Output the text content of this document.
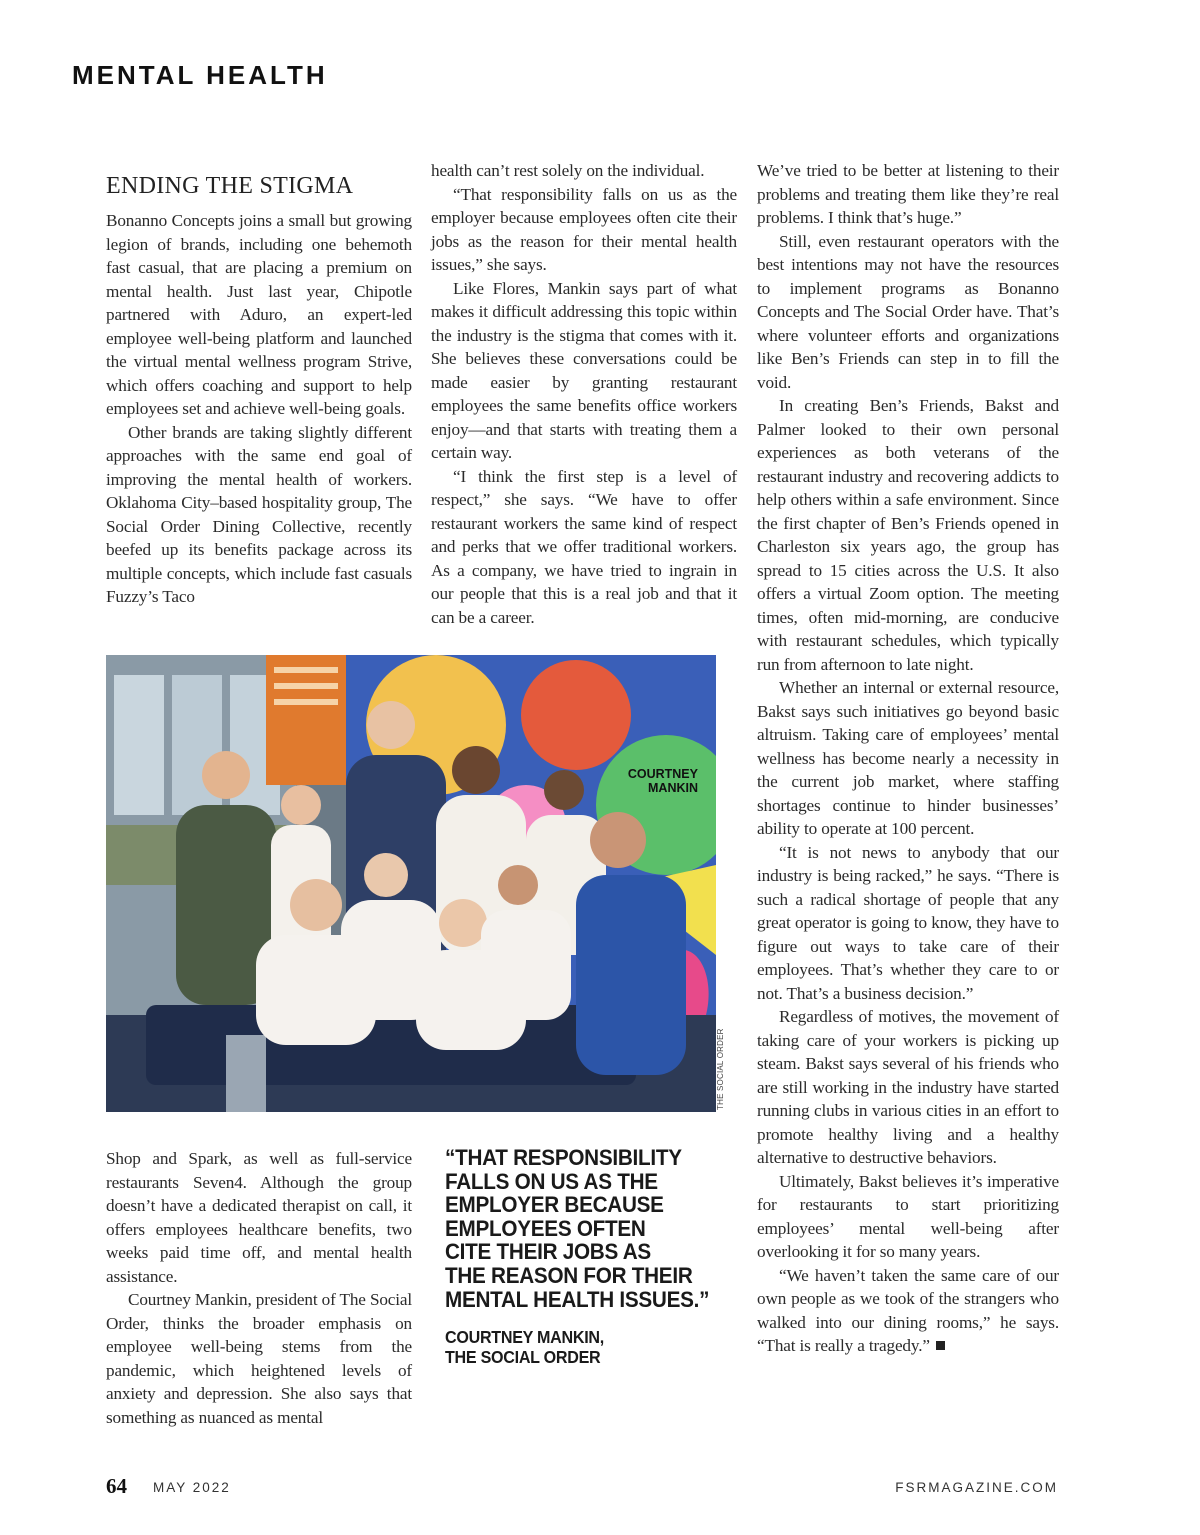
MENTAL HEALTH
ENDING THE STIGMA

Bonanno Concepts joins a small but growing legion of brands, including one behemoth fast casual, that are placing a premium on mental health. Just last year, Chipotle partnered with Aduro, an expert-led employee well-being platform and launched the virtual mental wellness program Strive, which offers coaching and support to help employees set and achieve well-being goals.

Other brands are taking slightly different approaches with the same end goal of improving the mental health of workers. Oklahoma City–based hospitality group, The Social Order Dining Collective, recently beefed up its benefits package across its multiple concepts, which include fast casuals Fuzzy’s Taco

health can’t rest solely on the individual.

“That responsibility falls on us as the employer because employees often cite their jobs as the reason for their mental health issues,” she says.

Like Flores, Mankin says part of what makes it difficult addressing this topic within the industry is the stigma that comes with it. She believes these conversations could be made easier by granting restaurant employees the same benefits office workers enjoy—and that starts with treating them a certain way.

“I think the first step is a level of respect,” she says. “We have to offer restaurant workers the same kind of respect and perks that we offer traditional workers. As a company, we have tried to ingrain in our people that this is a real job and that it can be a career.

COURTNEY MANKIN
THE SOCIAL ORDER

Shop and Spark, as well as full-service restaurants Seven4. Although the group doesn’t have a dedicated therapist on call, it offers employees healthcare benefits, two weeks paid time off, and mental health assistance.

Courtney Mankin, president of The Social Order, thinks the broader emphasis on employee well-being stems from the pandemic, which heightened levels of anxiety and depression. She also says that something as nuanced as mental

“THAT RESPONSIBILITY
FALLS ON US AS THE
EMPLOYER BECAUSE
EMPLOYEES OFTEN
CITE THEIR JOBS AS
THE REASON FOR THEIR
MENTAL HEALTH ISSUES.”
COURTNEY MANKIN,
THE SOCIAL ORDER

We’ve tried to be better at listening to their problems and treating them like they’re real problems. I think that’s huge.”

Still, even restaurant operators with the best intentions may not have the resources to implement programs as Bonanno Concepts and The Social Order have. That’s where volunteer efforts and organizations like Ben’s Friends can step in to fill the void.

In creating Ben’s Friends, Bakst and Palmer looked to their own personal experiences as both veterans of the restaurant industry and recovering addicts to help others within a safe environment. Since the first chapter of Ben’s Friends opened in Charleston six years ago, the group has spread to 15 cities across the U.S. It also offers a virtual Zoom option. The meeting times, often mid-morning, are conducive with restaurant schedules, which typically run from afternoon to late night.

Whether an internal or external resource, Bakst says such initiatives go beyond basic altruism. Taking care of employees’ mental wellness has become nearly a necessity in the current job market, where staffing shortages continue to hinder businesses’ ability to operate at 100 percent.

“It is not news to anybody that our industry is being racked,” he says. “There is such a radical shortage of people that any great operator is going to know, they have to figure out ways to take care of their employees. That’s whether they care to or not. That’s a business decision.”

Regardless of motives, the movement of taking care of your workers is picking up steam. Bakst says several of his friends who are still working in the industry have started running clubs in various cities in an effort to promote healthy living and a healthy alternative to destructive behaviors.

Ultimately, Bakst believes it’s imperative for restaurants to start prioritizing employees’ mental well-being after overlooking it for so many years.

“We haven’t taken the same care of our own people as we took of the strangers who walked into our dining rooms,” he says. “That is really a tragedy.”

64 MAY 2022	FSRMAGAZINE.COM
